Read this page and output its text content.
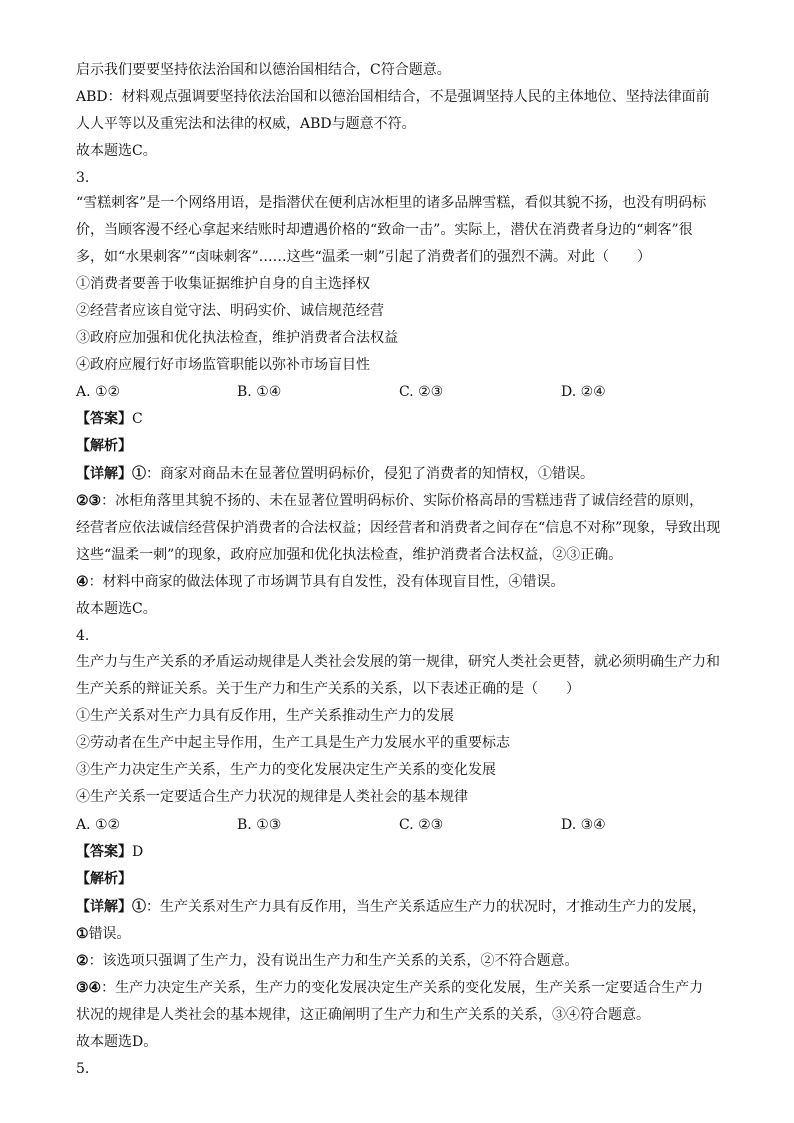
启示我们要要坚持依法治国和以德治国相结合，C符合题意。
ABD：材料观点强调要坚持依法治国和以德治国相结合，不是强调坚持人民的主体地位、坚持法律面前
人人平等以及重宪法和法律的权威，ABD与题意不符。
故本题选C。
3.
“雪糕刺客”是一个网络用语，是指潜伏在便利店冰柜里的诸多品牌雪糕，看似其貌不扬，也没有明码标
价，当顾客漫不经心拿起来结账时却遭遇价格的“致命一击”。实际上，潜伏在消费者身边的“刺客”很
多，如“水果刺客”“卤味刺客”……这些“温柔一刺”引起了消费者们的强烈不满。对此（　　）
①消费者要善于收集证据维护自身的自主选择权
②经营者应该自觉守法、明码实价、诚信规范经营
③政府应加强和优化执法检查，维护消费者合法权益
④政府应履行好市场监管职能以弥补市场盲目性
A. ①②	B. ①④	C. ②③	D. ②④
【答案】C
【解析】
【详解】①：商家对商品未在显著位置明码标价，侵犯了消费者的知情权，①错误。
②③：冰柜角落里其貌不扬的、未在显著位置明码标价、实际价格高昂的雪糕违背了诚信经营的原则，
经营者应依法诚信经营保护消费者的合法权益；因经营者和消费者之间存在“信息不对称”现象，导致出现
这些“温柔一刺”的现象，政府应加强和优化执法检查，维护消费者合法权益，②③正确。
④：材料中商家的做法体现了市场调节具有自发性，没有体现盲目性，④错误。
故本题选C。
4.
生产力与生产关系的矛盾运动规律是人类社会发展的第一规律，研究人类社会更替，就必须明确生产力和
生产关系的辩证关系。关于生产力和生产关系的关系，以下表述正确的是（　　）
①生产关系对生产力具有反作用，生产关系推动生产力的发展
②劳动者在生产中起主导作用，生产工具是生产力发展水平的重要标志
③生产力决定生产关系，生产力的变化发展决定生产关系的变化发展
④生产关系一定要适合生产力状况的规律是人类社会的基本规律
A. ①②	B. ①③	C. ②③	D. ③④
【答案】D
【解析】
【详解】①：生产关系对生产力具有反作用，当生产关系适应生产力的状况时，才推动生产力的发展，
①错误。
②：该选项只强调了生产力，没有说出生产力和生产关系的关系，②不符合题意。
③④：生产力决定生产关系，生产力的变化发展决定生产关系的变化发展，生产关系一定要适合生产力
状况的规律是人类社会的基本规律，这正确阐明了生产力和生产关系的关系，③④符合题意。
故本题选D。
5.
